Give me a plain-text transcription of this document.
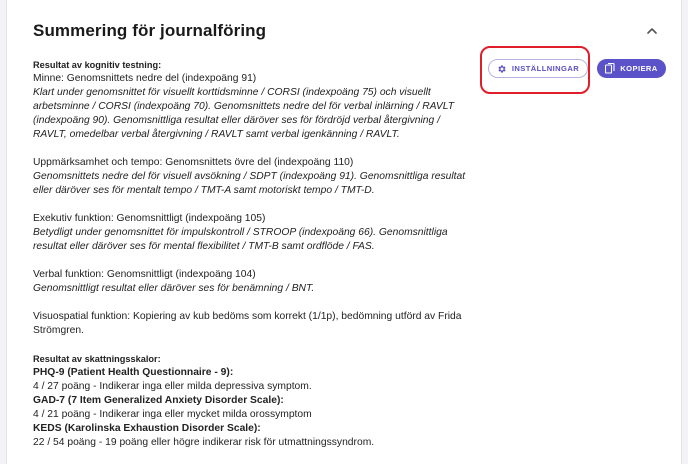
Summering för journalföring

Resultat av kognitiv testning:

Minne: Genomsnittets nedre del (indexpoäng 91)

Klart under genomsnittet för visuellt korttidsminne / CORSI (indexpoäng 75) och visuellt arbetsminne / CORSI (indexpoäng 70). Genomsnittets nedre del för verbal inlärning / RAVLT (indexpoäng 90). Genomsnittliga resultat eller däröver ses för fördröjd verbal återgivning / RAVLT, omedelbar verbal återgivning / RAVLT samt verbal igenkänning / RAVLT.

Uppmärksamhet och tempo: Genomsnittets övre del (indexpoäng 110)

Genomsnittets nedre del för visuell avsökning / SDPT (indexpoäng 91). Genomsnittliga resultat eller däröver ses för mentalt tempo / TMT-A samt motoriskt tempo / TMT-D.

Exekutiv funktion: Genomsnittligt (indexpoäng 105)

Betydligt under genomsnittet för impulskontroll / STROOP (indexpoäng 66). Genomsnittliga resultat eller däröver ses för mental flexibilitet / TMT-B samt ordflöde / FAS.

Verbal funktion: Genomsnittligt (indexpoäng 104)

Genomsnittligt resultat eller däröver ses för benämning / BNT.

Visuospatial funktion: Kopiering av kub bedöms som korrekt (1/1p), bedömning utförd av Frida Strömgren.

Resultat av skattningsskalor:

PHQ-9 (Patient Health Questionnaire - 9):

4 / 27 poäng - Indikerar inga eller milda depressiva symptom.

GAD-7 (7 Item Generalized Anxiety Disorder Scale):

4 / 21 poäng - Indikerar inga eller mycket milda orossymptom

KEDS (Karolinska Exhaustion Disorder Scale):

22 / 54 poäng - 19 poäng eller högre indikerar risk för utmattningssyndrom.

INSTÄLLNINGAR	KOPIERA
